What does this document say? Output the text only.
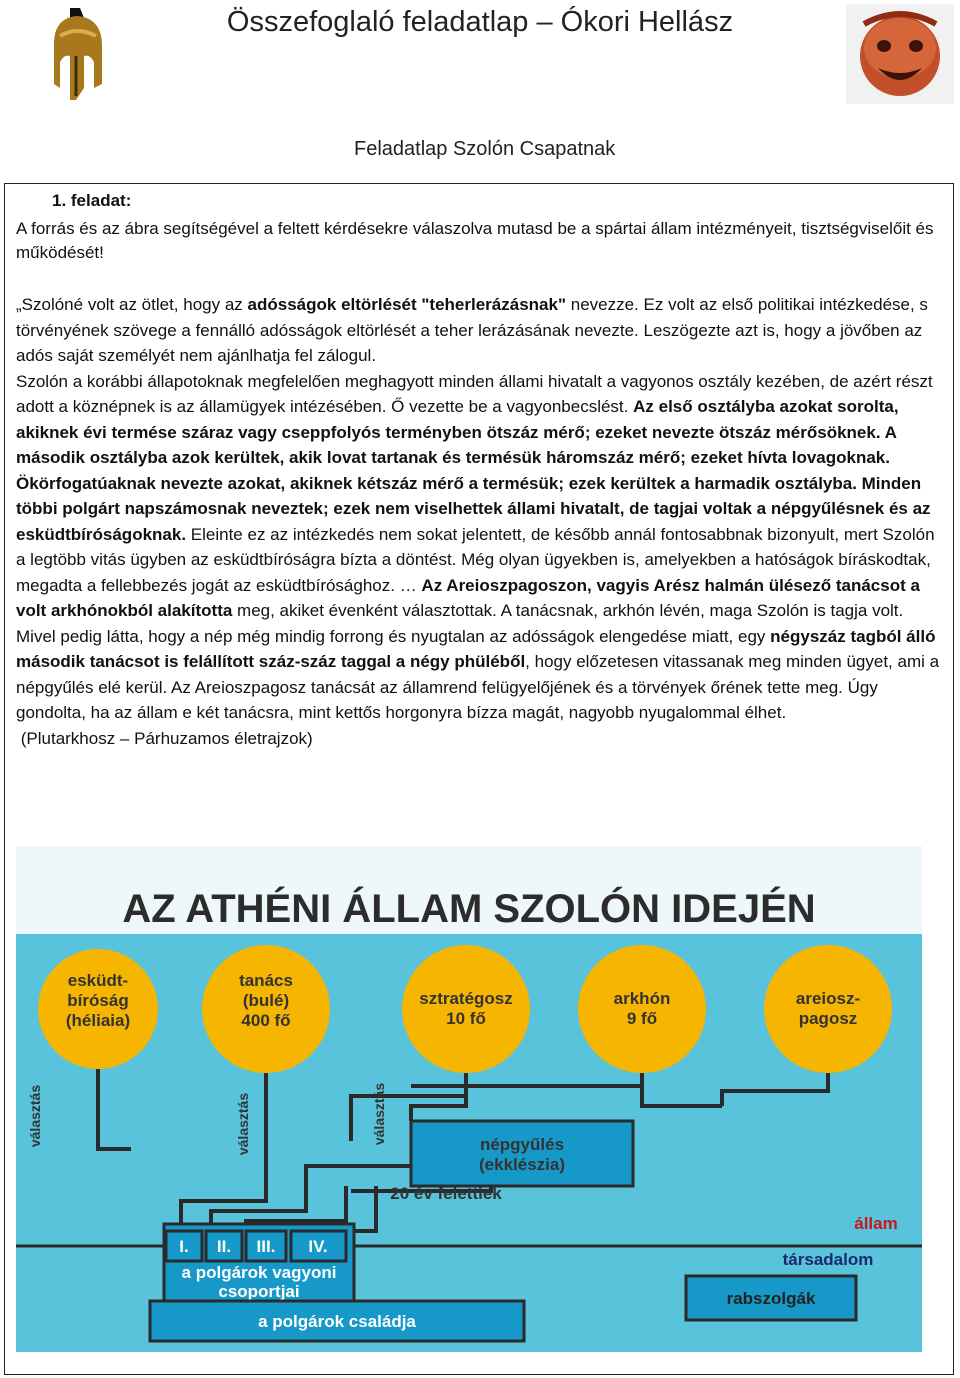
Összefoglaló feladatlap – Ókori Hellász
Feladatlap Szolón Csapatnak
1. feladat:
A forrás és az ábra segítségével a feltett kérdésekre válaszolva mutasd be a spártai állam intézményeit, tisztségviselőit és működését!
„Szolóné volt az ötlet, hogy az adósságok eltörlését "teherlerázásnak" nevezze. Ez volt az első politikai intézkedése, s törvényének szövege a fennálló adósságok eltörlését a teher lerázásának nevezte. Leszögezte azt is, hogy a jövőben az adós saját személyét nem ajánlhatja fel zálogul.
Szolón a korábbi állapotoknak megfelelően meghagyott minden állami hivatalt a vagyonos osztály kezében, de azért részt adott a köznépnek is az államügyek intézésében. Ő vezette be a vagyonbecslést. Az első osztályba azokat sorolta, akiknek évi termése száraz vagy cseppfolyós terményben ötszáz mérő; ezeket nevezte ötszáz mérősöknek. A második osztályba azok kerültek, akik lovat tartanak és termésük háromszáz mérő; ezeket hívta lovagoknak. Ökörfogatúaknak nevezte azokat, akiknek kétszáz mérő a termésük; ezek kerültek a harmadik osztályba. Minden többi polgárt napszámosnak neveztek; ezek nem viselhettek állami hivatalt, de tagjai voltak a népgyűlésnek és az esküdtbíróságoknak. Eleinte ez az intézkedés nem sokat jelentett, de később annál fontosabbnak bizonyult, mert Szolón a legtöbb vitás ügyben az esküdtbíróságra bízta a döntést. Még olyan ügyekben is, amelyekben a hatóságok bíráskodtak, megadta a fellebbezés jogát az esküdtbírósághoz. … Az Areioszpagoszon, vagyis Arész halmán ülésező tanácsot a volt arkhónokból alakította meg, akiket évenként választottak. A tanácsnak, arkhón lévén, maga Szolón is tagja volt. Mivel pedig látta, hogy a nép még mindig forrong és nyugtalan az adósságok elengedése miatt, egy négyszáz tagból álló második tanácsot is felállított száz-száz taggal a négy phüléből, hogy előzetesen vitassanak meg minden ügyet, ami a népgyűlés elé kerül. Az Areioszpagosz tanácsát az államrend felügyelőjének és a törvények őrének tette meg. Úgy gondolta, ha az állam e két tanácsra, mint kettős horgonyra bízza magát, nagyobb nyugalommal élhet.
(Plutarkhosz – Párhuzamos életrajzok)
AZ ATHÉNI ÁLLAM SZOLÓN IDEJÉN
esküdt-
bíróság
(héliaia)
tanács
(bulé)
400 fő
sztratégosz
10 fő
arkhón
9 fő
areiosz-
pagosz
népgyűlés
(ekklészia)
20 év felettiek
választás	választás	választás
állam
társadalom
I. II. III. IV.
a polgárok vagyoni
csoportjai
a polgárok családja
rabszolgák
